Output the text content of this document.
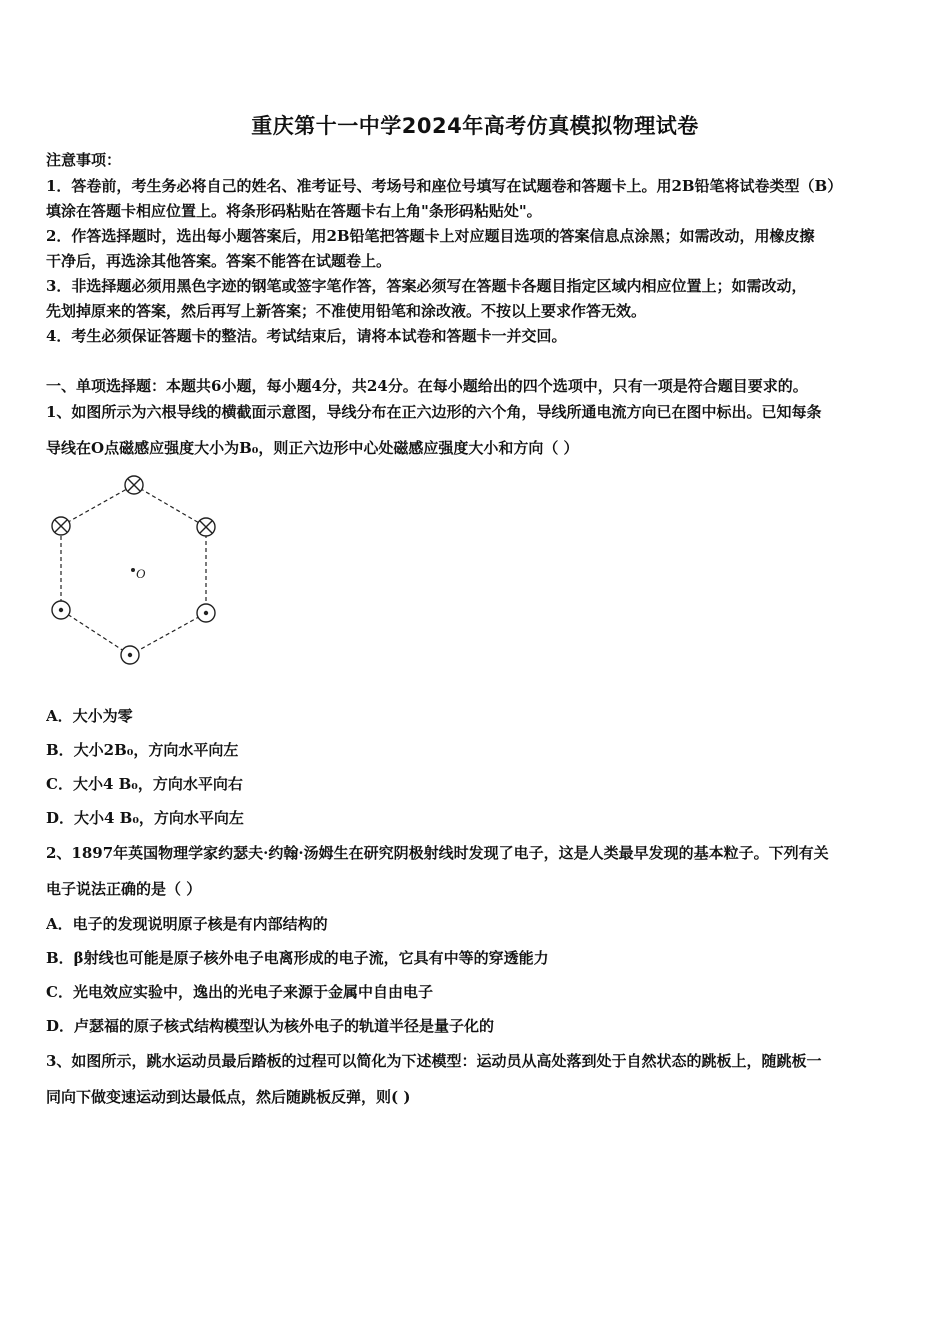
重庆第十一中学2024年高考仿真模拟物理试卷
注意事项：
1．答卷前，考生务必将自己的姓名、准考证号、考场号和座位号填写在试题卷和答题卡上。用2B铅笔将试卷类型（B）
填涂在答题卡相应位置上。将条形码粘贴在答题卡右上角"条形码粘贴处"。
2．作答选择题时，选出每小题答案后，用2B铅笔把答题卡上对应题目选项的答案信息点涂黑；如需改动，用橡皮擦
干净后，再选涂其他答案。答案不能答在试题卷上。
3．非选择题必须用黑色字迹的钢笔或签字笔作答，答案必须写在答题卡各题目指定区域内相应位置上；如需改动，
先划掉原来的答案，然后再写上新答案；不准使用铅笔和涂改液。不按以上要求作答无效。
4．考生必须保证答题卡的整洁。考试结束后，请将本试卷和答题卡一并交回。
一、单项选择题：本题共6小题，每小题4分，共24分。在每小题给出的四个选项中，只有一项是符合题目要求的。
1、如图所示为六根导线的横截面示意图，导线分布在正六边形的六个角，导线所通电流方向已在图中标出。已知每条
导线在O点磁感应强度大小为B₀，则正六边形中心处磁感应强度大小和方向（ ）
O
A．大小为零
B．大小2B₀，方向水平向左
C．大小4 B₀，方向水平向右
D．大小4 B₀，方向水平向左
2、1897年英国物理学家约瑟夫·约翰·汤姆生在研究阴极射线时发现了电子，这是人类最早发现的基本粒子。下列有关
电子说法正确的是（ ）
A．电子的发现说明原子核是有内部结构的
B．β射线也可能是原子核外电子电离形成的电子流，它具有中等的穿透能力
C．光电效应实验中，逸出的光电子来源于金属中自由电子
D．卢瑟福的原子核式结构模型认为核外电子的轨道半径是量子化的
3、如图所示，跳水运动员最后踏板的过程可以简化为下述模型：运动员从高处落到处于自然状态的跳板上，随跳板一
同向下做变速运动到达最低点，然后随跳板反弹，则( )
